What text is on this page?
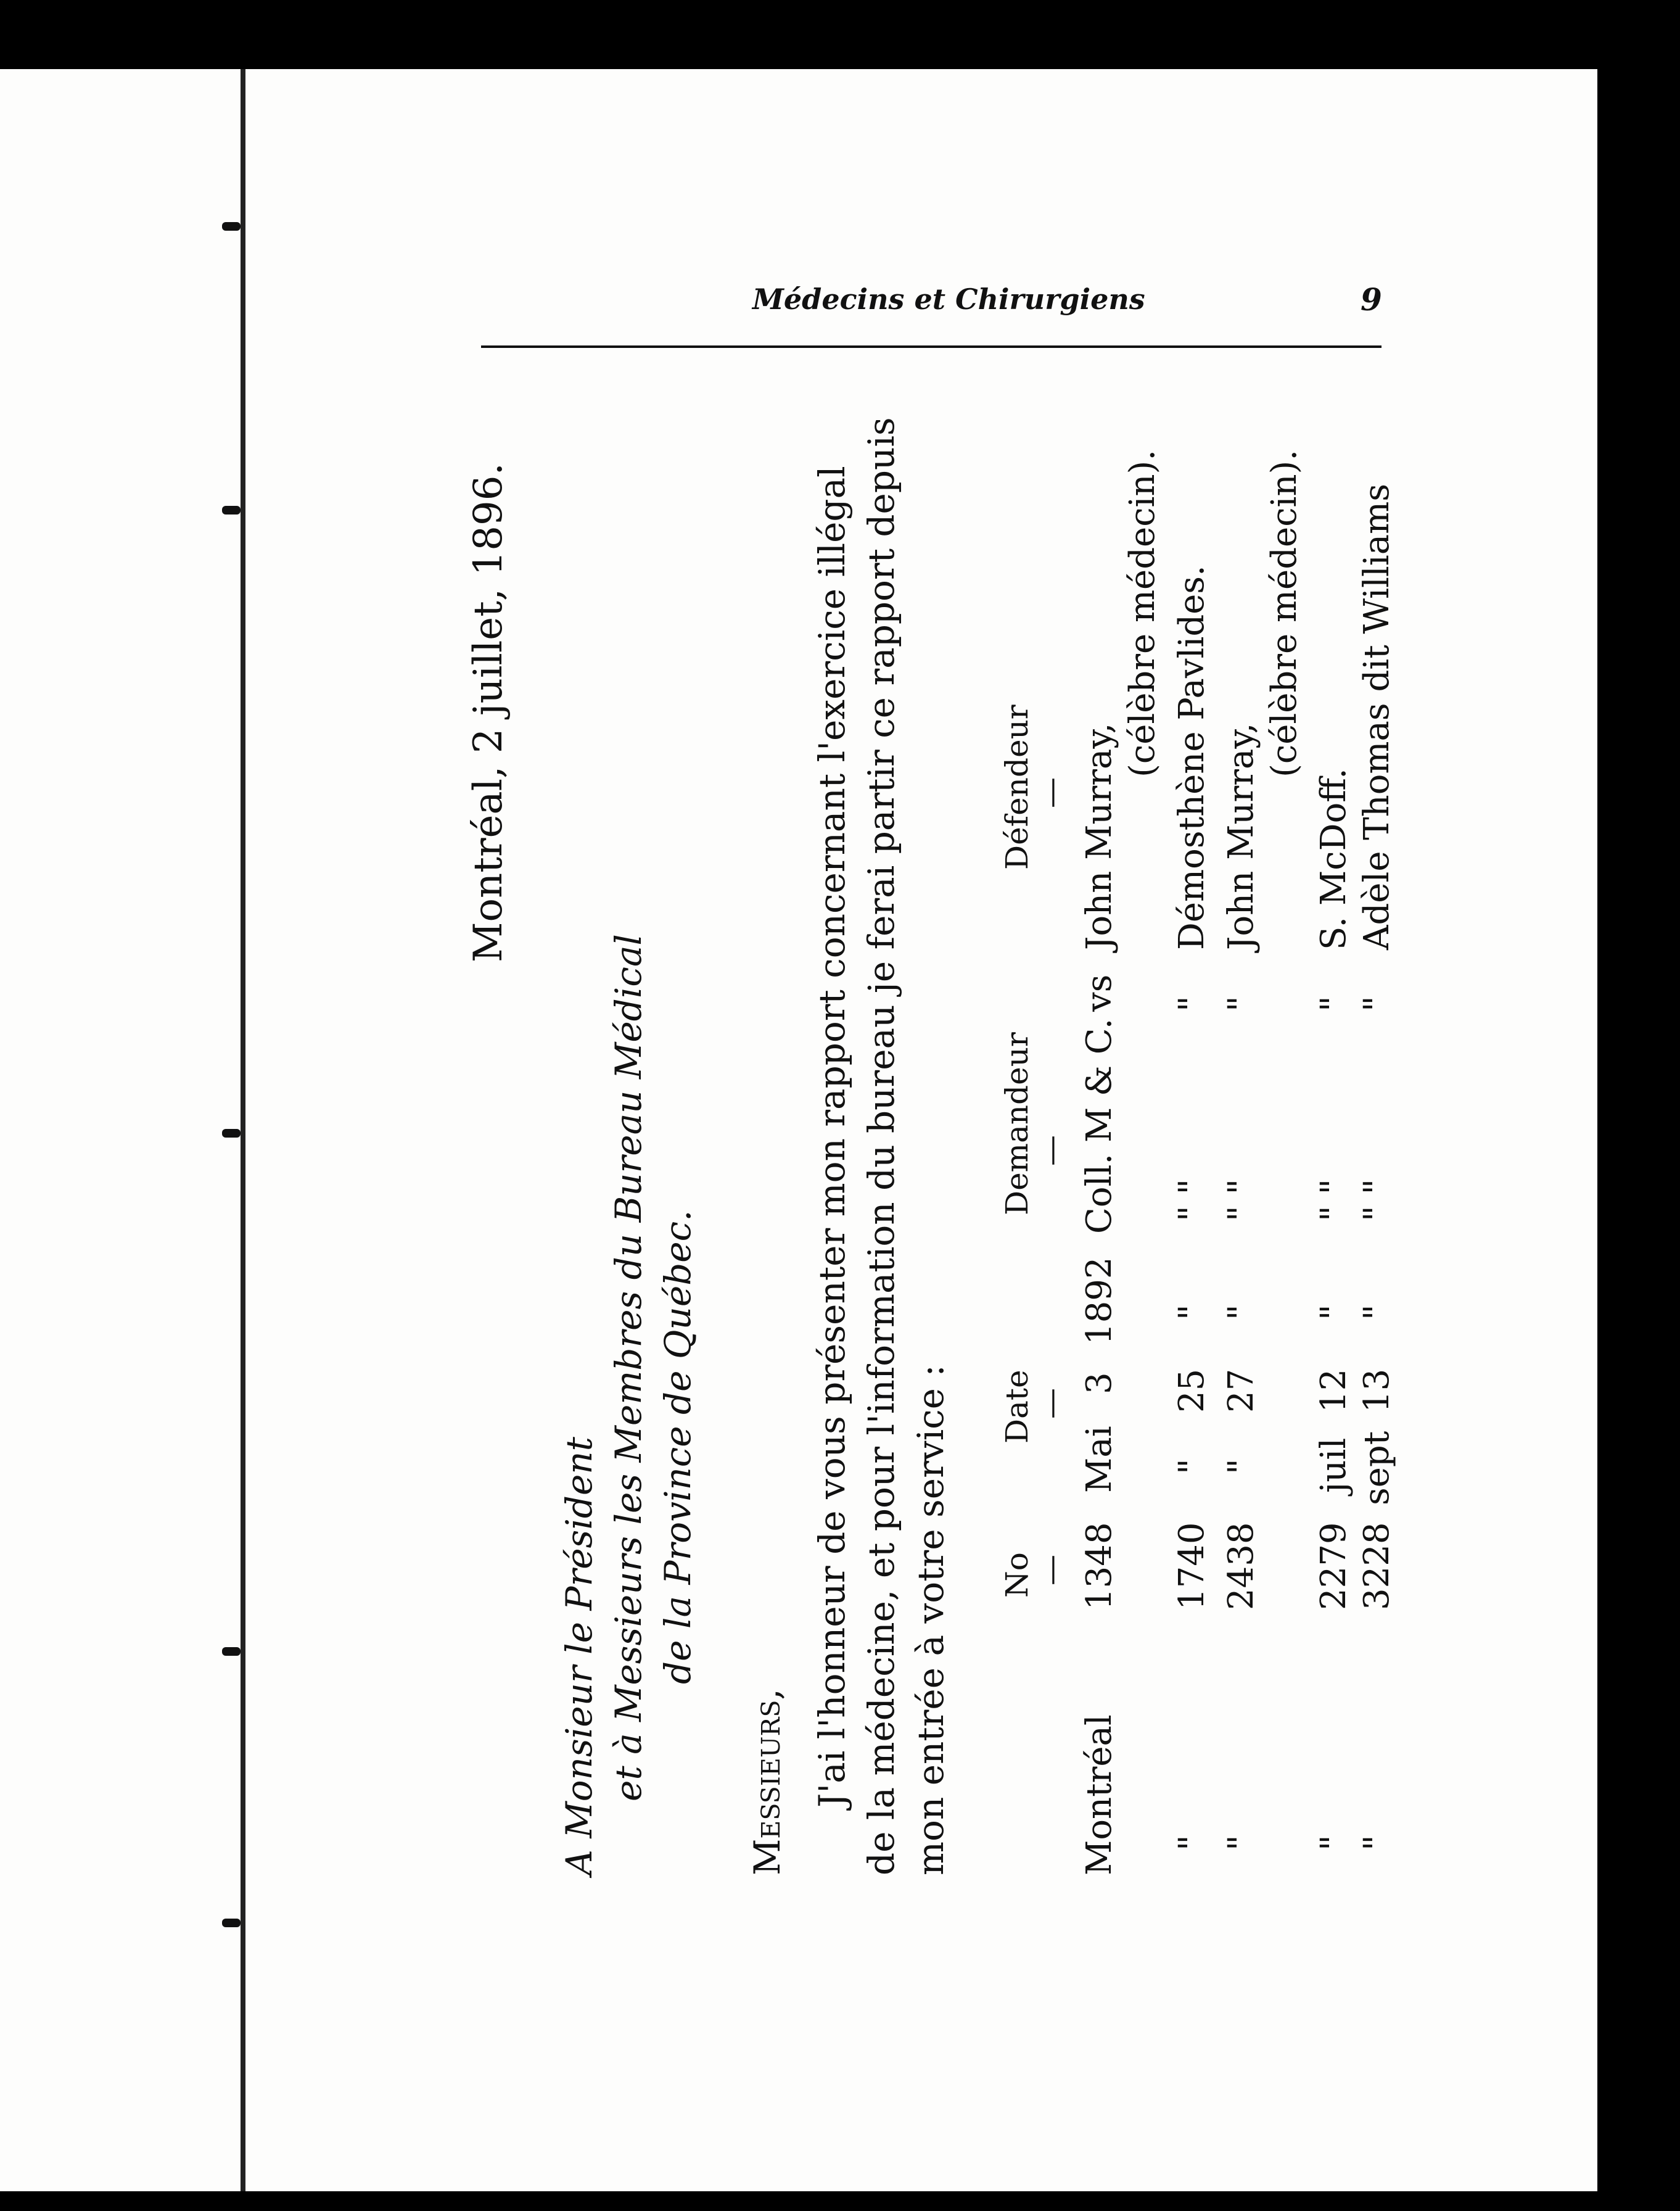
Médecins et Chirurgiens	9
Montréal, 2 juillet, 1896.
A Monsieur le Président et à Messieurs les Membres du Bureau Médical de la Province de Québec.
Messieurs, J'ai l'honneur de vous présenter mon rapport concernant l'exercice illégal de la médecine, et pour l'information du bureau je ferai partir ce rapport depuis mon entrée à votre service : No
Date
Demandeur
Défendeur
—
—
—
—
Montréal
1348
Mai
3
1892
Coll. M & C.
vs
John Murray,
(célèbre médecin).
"
1740
"
25
"
" "
"
Démosthène Pavlides.
"
2438
"
27
"
" "
"
John Murray,
(célèbre médecin).
"
2279
juil
12
"
" "
"
S. McDoff.
"
3228
sept
13
"
" "
"
Adèle Thomas dit Williams
